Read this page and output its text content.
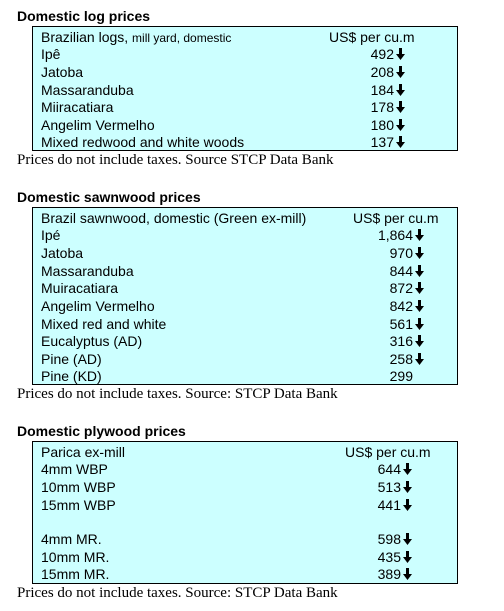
Domestic log prices
Brazilian logs, mill yard, domestic	US$ per cu.m
Ipê	492
Jatoba	208
Massaranduba	184
Miiracatiara	178
Angelim Vermelho	180
Mixed redwood and white woods	137
Prices do not include taxes. Source STCP Data Bank
Domestic sawnwood prices
Brazil sawnwood, domestic (Green ex-mill)	US$ per cu.m
Ipé	1,864
Jatoba	970
Massaranduba	844
Muiracatiara	872
Angelim Vermelho	842
Mixed red and white	561
Eucalyptus (AD)	316
Pine (AD)	258
Pine (KD)	299
Prices do not include taxes. Source: STCP Data Bank
Domestic plywood prices
Parica ex-mill	US$ per cu.m
4mm WBP	644
10mm WBP	513
15mm WBP	441
4mm MR.	598
10mm MR.	435
15mm MR.	389
Prices do not include taxes. Source: STCP Data Bank
